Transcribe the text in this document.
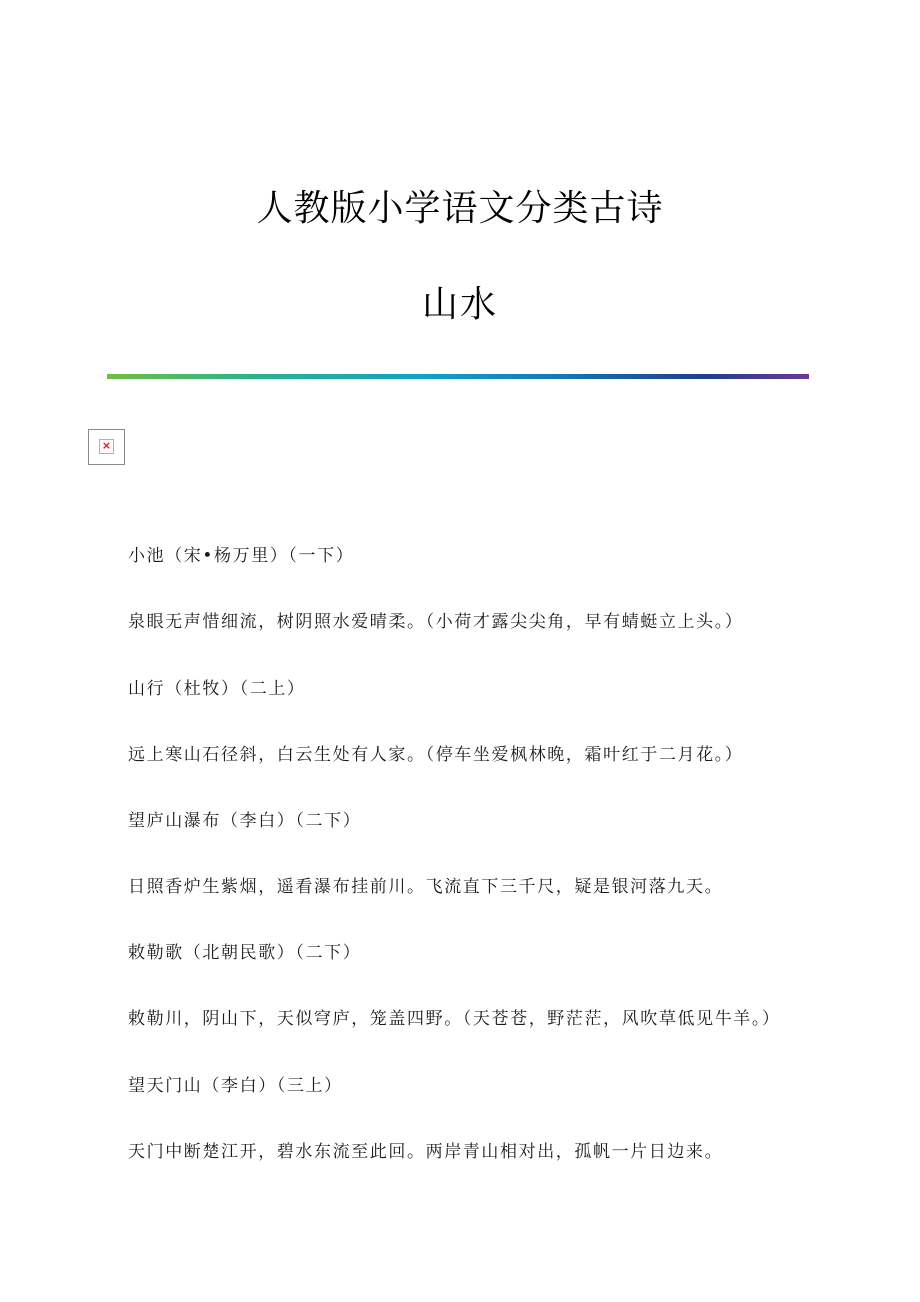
人教版小学语文分类古诗
山水
×
小池（宋•杨万里）（一下）
泉眼无声惜细流，树阴照水爱晴柔。（小荷才露尖尖角，早有蜻蜓立上头。）
山行（杜牧）（二上）
远上寒山石径斜，白云生处有人家。（停车坐爱枫林晚，霜叶红于二月花。）
望庐山瀑布（李白）（二下）
日照香炉生紫烟，遥看瀑布挂前川。飞流直下三千尺，疑是银河落九天。
敕勒歌（北朝民歌）（二下）
敕勒川，阴山下，天似穹庐，笼盖四野。（天苍苍，野茫茫，风吹草低见牛羊。）
望天门山（李白）（三上）
天门中断楚江开，碧水东流至此回。两岸青山相对出，孤帆一片日边来。
